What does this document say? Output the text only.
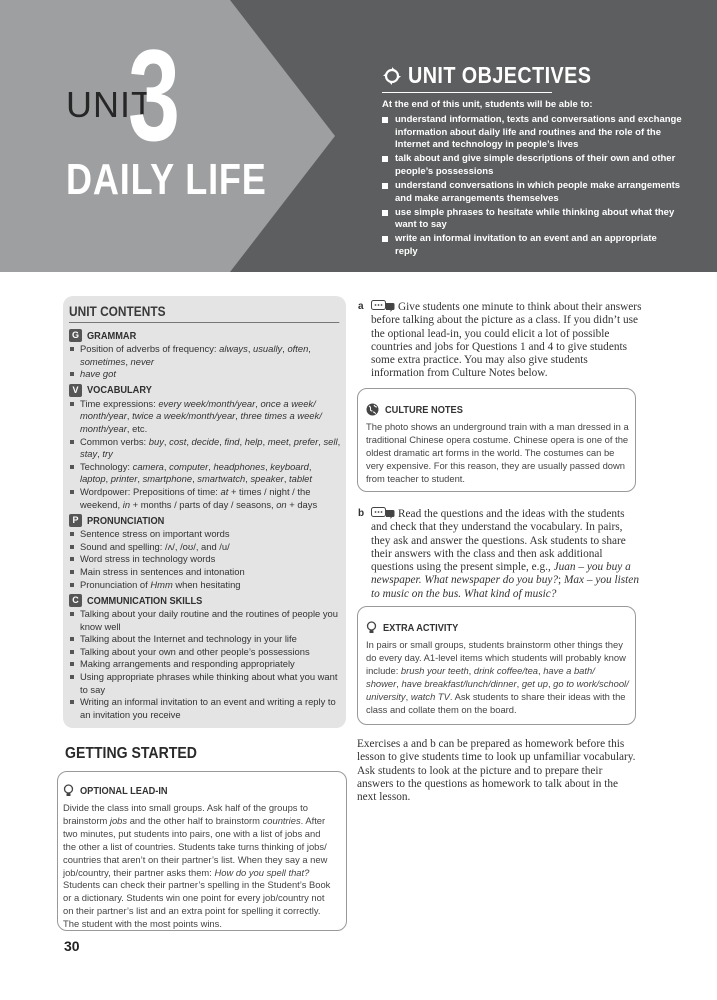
UNIT
3
DAILY LIFE
UNIT OBJECTIVES
At the end of this unit, students will be able to:
understand information, texts and conversations and exchange information about daily life and routines and the role of the Internet and technology in people’s lives
talk about and give simple descriptions of their own and other people’s possessions
understand conversations in which people make arrangements and make arrangements themselves
use simple phrases to hesitate while thinking about what they want to say
write an informal invitation to an event and an appropriate reply
UNIT CONTENTS
G GRAMMAR
Position of adverbs of frequency: always, usually, often, sometimes, never
have got
V VOCABULARY
Time expressions: every week/month/year, once a week/ month/year, twice a week/month/year, three times a week/ month/year, etc.
Common verbs: buy, cost, decide, find, help, meet, prefer, sell, stay, try
Technology: camera, computer, headphones, keyboard, laptop, printer, smartphone, smartwatch, speaker, tablet
Wordpower: Prepositions of time: at + times / night / the weekend, in + months / parts of day / seasons, on + days
P PRONUNCIATION
Sentence stress on important words
Sound and spelling: /ʌ/, /oʊ/, and /u/
Word stress in technology words
Main stress in sentences and intonation
Pronunciation of Hmm when hesitating
C COMMUNICATION SKILLS
Talking about your daily routine and the routines of people you know well
Talking about the Internet and technology in your life
Talking about your own and other people’s possessions
Making arrangements and responding appropriately
Using appropriate phrases while thinking about what you want to say
Writing an informal invitation to an event and writing a reply to an invitation you receive
GETTING STARTED
OPTIONAL LEAD-IN
Divide the class into small groups. Ask half of the groups to brainstorm jobs and the other half to brainstorm countries. After two minutes, put students into pairs, one with a list of jobs and the other a list of countries. Students take turns thinking of jobs/ countries that aren’t on their partner’s list. When they say a new job/country, their partner asks them: How do you spell that? Students can check their partner’s spelling in the Student’s Book or a dictionary. Students win one point for every job/country not on their partner’s list and an extra point for spelling it correctly. The student with the most points wins.
30
a	Give students one minute to think about their answers before talking about the picture as a class. If you didn’t use the optional lead-in, you could elicit a lot of possible countries and jobs for Questions 1 and 4 to give students some extra practice. You may also give students information from Culture Notes below.
CULTURE NOTES
The photo shows an underground train with a man dressed in a traditional Chinese opera costume. Chinese opera is one of the oldest dramatic art forms in the world. The costumes can be very expensive. For this reason, they are usually passed down from teacher to student.
b	Read the questions and the ideas with the students and check that they understand the vocabulary. In pairs, they ask and answer the questions. Ask students to share their answers with the class and then ask additional questions using the present simple, e.g., Juan – you buy a newspaper. What newspaper do you buy?; Max – you listen to music on the bus. What kind of music?
EXTRA ACTIVITY
In pairs or small groups, students brainstorm other things they do every day. A1-level items which students will probably know include: brush your teeth, drink coffee/tea, have a bath/ shower, have breakfast/lunch/dinner, get up, go to work/school/ university, watch TV. Ask students to share their ideas with the class and collate them on the board.
Exercises a and b can be prepared as homework before this lesson to give students time to look up unfamiliar vocabulary. Ask students to look at the picture and to prepare their answers to the questions as homework to talk about in the next lesson.
